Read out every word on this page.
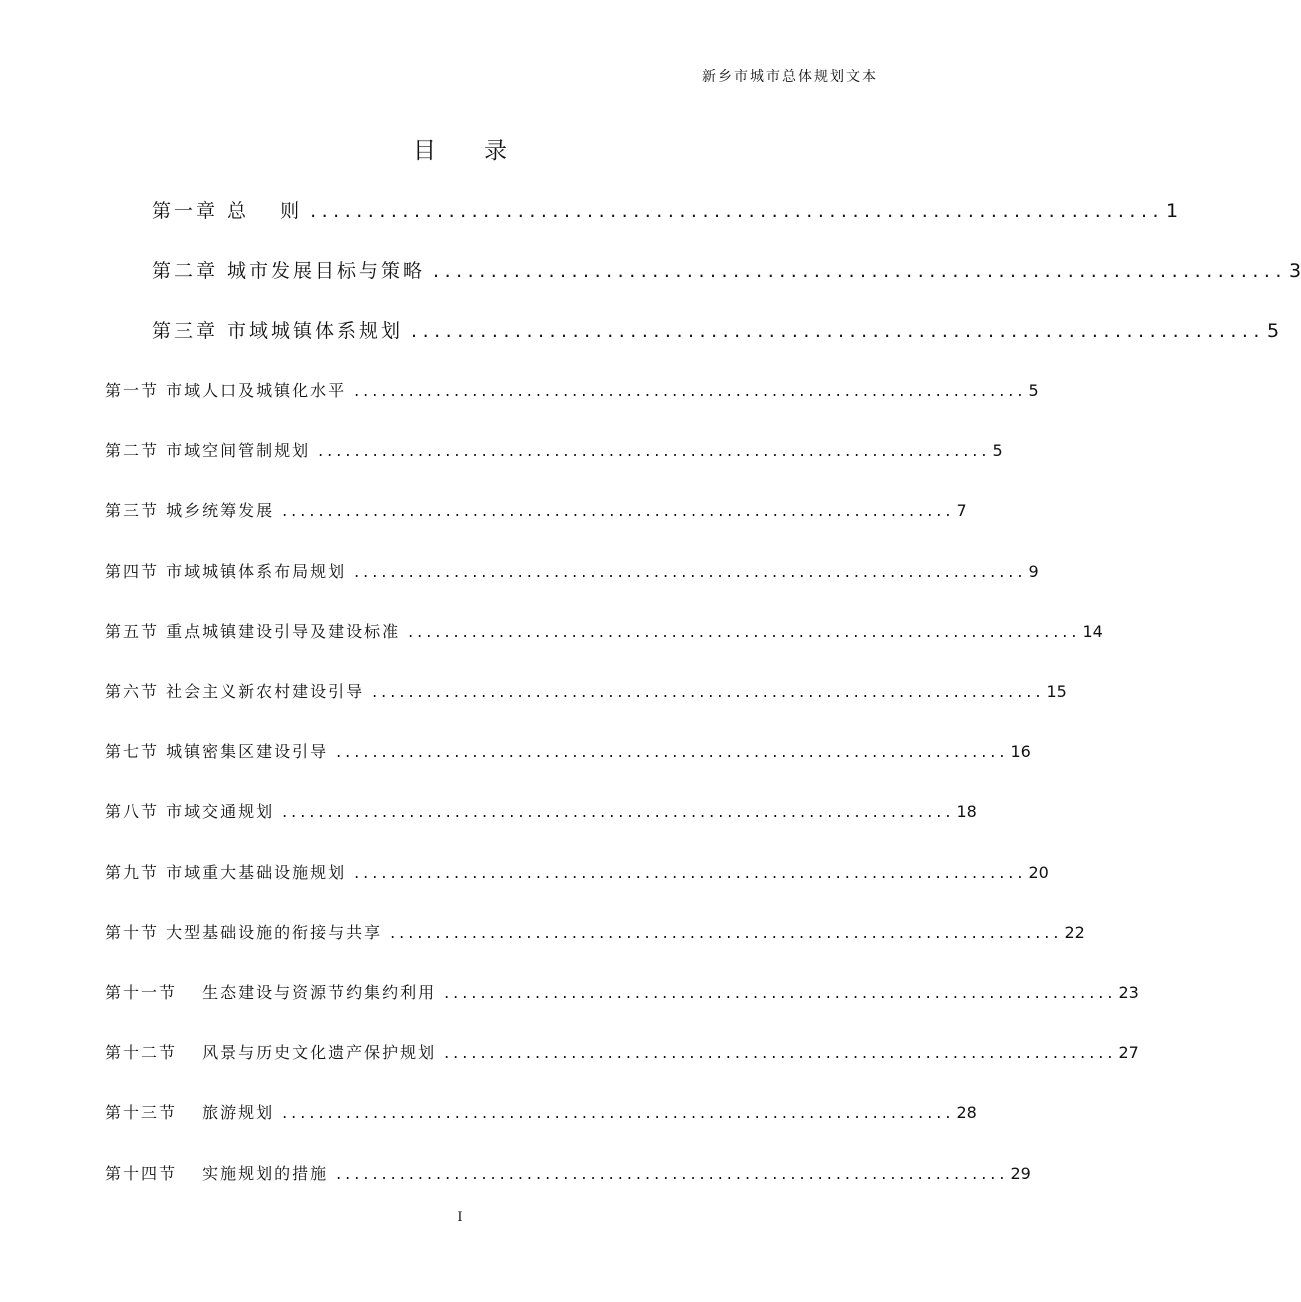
新乡市城市总体规划文本
目 录
第一章 总 　则 .......................................................................... 1
第二章 城市发展目标与策略 .......................................................................... 3
第三章 市域城镇体系规划 .......................................................................... 5
第一节 市域人口及城镇化水平 .......................................................................... 5
第二节 市域空间管制规划 .......................................................................... 5
第三节 城乡统筹发展 .......................................................................... 7
第四节 市域城镇体系布局规划 .......................................................................... 9
第五节 重点城镇建设引导及建设标准 .......................................................................... 14
第六节 社会主义新农村建设引导 .......................................................................... 15
第七节 城镇密集区建设引导 .......................................................................... 16
第八节 市域交通规划 .......................................................................... 18
第九节 市域重大基础设施规划 .......................................................................... 20
第十节 大型基础设施的衔接与共享 .......................................................................... 22
第十一节 　生态建设与资源节约集约利用 .......................................................................... 23
第十二节 　风景与历史文化遗产保护规划 .......................................................................... 27
第十三节 　旅游规划 .......................................................................... 28
第十四节 　实施规划的措施 .......................................................................... 29
I
